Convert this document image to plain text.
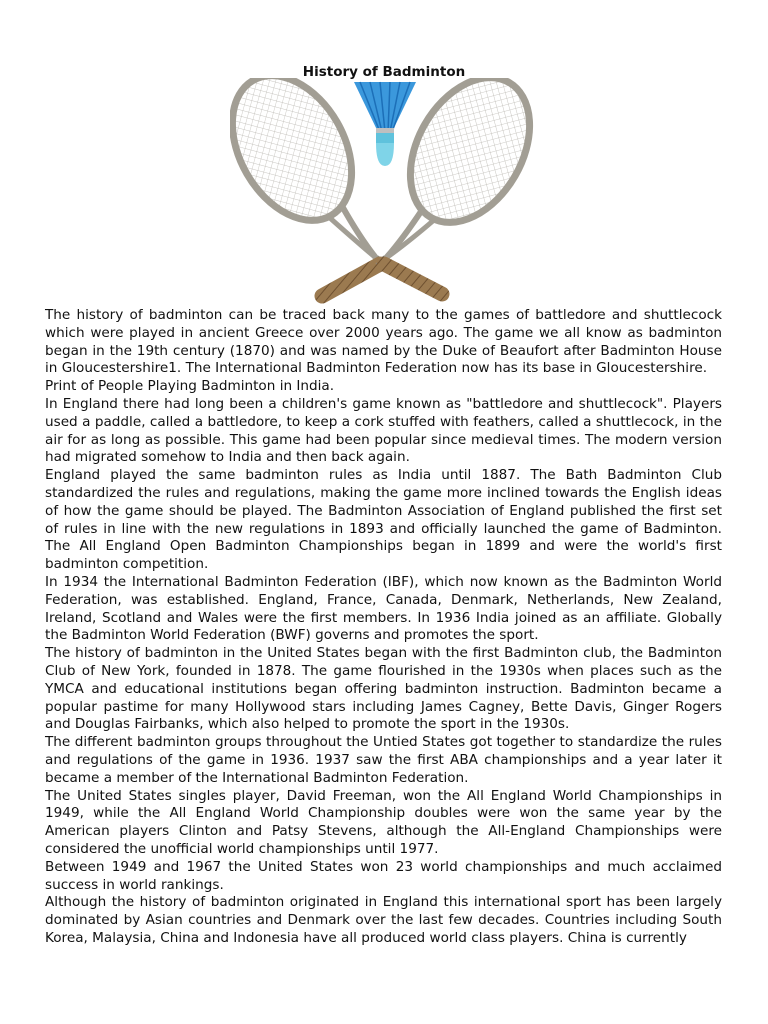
History of Badminton

The history of badminton can be traced back many to the games of battledore and shuttlecock which were played in ancient Greece over 2000 years ago. The game we all know as badminton began in the 19th century (1870) and was named by the Duke of Beaufort after Badminton House in Gloucestershire1. The International Badminton Federation now has its base in Gloucestershire.

Print of People Playing Badminton in India.

In England there had long been a children's game known as "battledore and shuttlecock". Players used a paddle, called a battledore, to keep a cork stuffed with feathers, called a shuttlecock, in the air for as long as possible. This game had been popular since medieval times. The modern version had migrated somehow to India and then back again.

England played the same badminton rules as India until 1887. The Bath Badminton Club standardized the rules and regulations, making the game more inclined towards the English ideas of how the game should be played. The Badminton Association of England published the first set of rules in line with the new regulations in 1893 and officially launched the game of Badminton. The All England Open Badminton Championships began in 1899 and were the world's first badminton competition.

In 1934 the International Badminton Federation (IBF), which now known as the Badminton World Federation, was established. England, France, Canada, Denmark, Netherlands, New Zealand, Ireland, Scotland and Wales were the first members. In 1936 India joined as an affiliate. Globally the Badminton World Federation (BWF) governs and promotes the sport.

The history of badminton in the United States began with the first Badminton club, the Badminton Club of New York, founded in 1878. The game flourished in the 1930s when places such as the YMCA and educational institutions began offering badminton instruction. Badminton became a popular pastime for many Hollywood stars including James Cagney, Bette Davis, Ginger Rogers and Douglas Fairbanks, which also helped to promote the sport in the 1930s.

The different badminton groups throughout the Untied States got together to standardize the rules and regulations of the game in 1936. 1937 saw the first ABA championships and a year later it became a member of the International Badminton Federation.

The United States singles player, David Freeman, won the All England World Championships in 1949, while the All England World Championship doubles were won the same year by the American players Clinton and Patsy Stevens, although the All-England Championships were considered the unofficial world championships until 1977.

Between 1949 and 1967 the United States won 23 world championships and much acclaimed success in world rankings.

Although the history of badminton originated in England this international sport has been largely dominated by Asian countries and Denmark over the last few decades. Countries including South Korea, Malaysia, China and Indonesia have all produced world class players. China is currently
